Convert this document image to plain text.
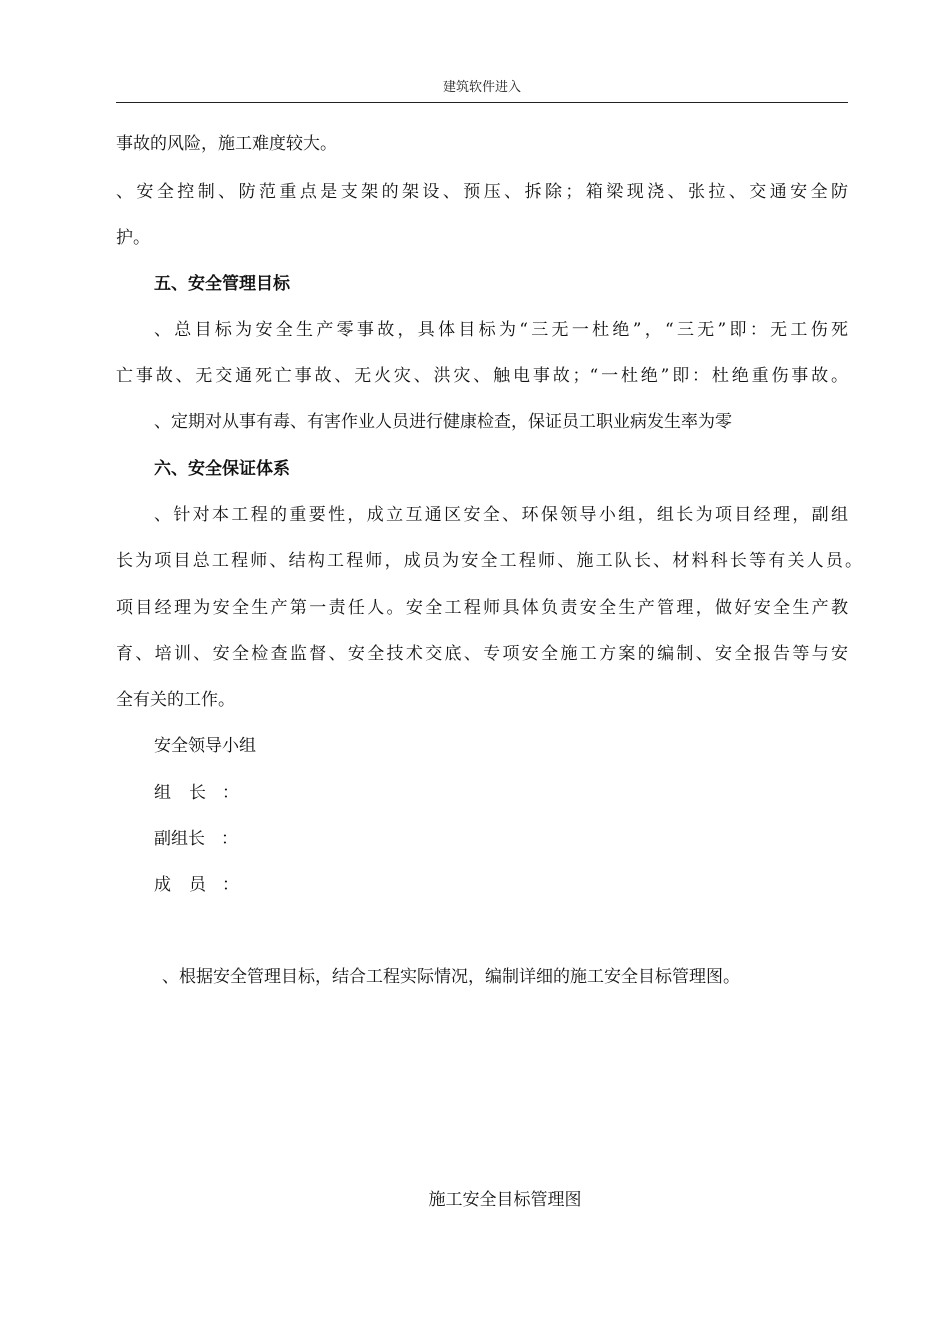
建筑软件进入
事故的风险，施工难度较大。
、安全控制、防范重点是支架的架设、预压、拆除；箱梁现浇、张拉、交通安全防
护。
五、安全管理目标
、总目标为安全生产零事故，具体目标为“三无一杜绝”，“三无”即：无工伤死
亡事故、无交通死亡事故、无火灾、洪灾、触电事故；“一杜绝”即：杜绝重伤事故。
、定期对从事有毒、有害作业人员进行健康检查，保证员工职业病发生率为零
六、安全保证体系
、针对本工程的重要性，成立互通区安全、环保领导小组，组长为项目经理，副组
长为项目总工程师、结构工程师，成员为安全工程师、施工队长、材料科长等有关人员。
项目经理为安全生产第一责任人。安全工程师具体负责安全生产管理，做好安全生产教
育、培训、安全检查监督、安全技术交底、专项安全施工方案的编制、安全报告等与安
全有关的工作。
安全领导小组
组长 ：
副组长 ：
成员 ：
、根据安全管理目标，结合工程实际情况，编制详细的施工安全目标管理图。
施工安全目标管理图
